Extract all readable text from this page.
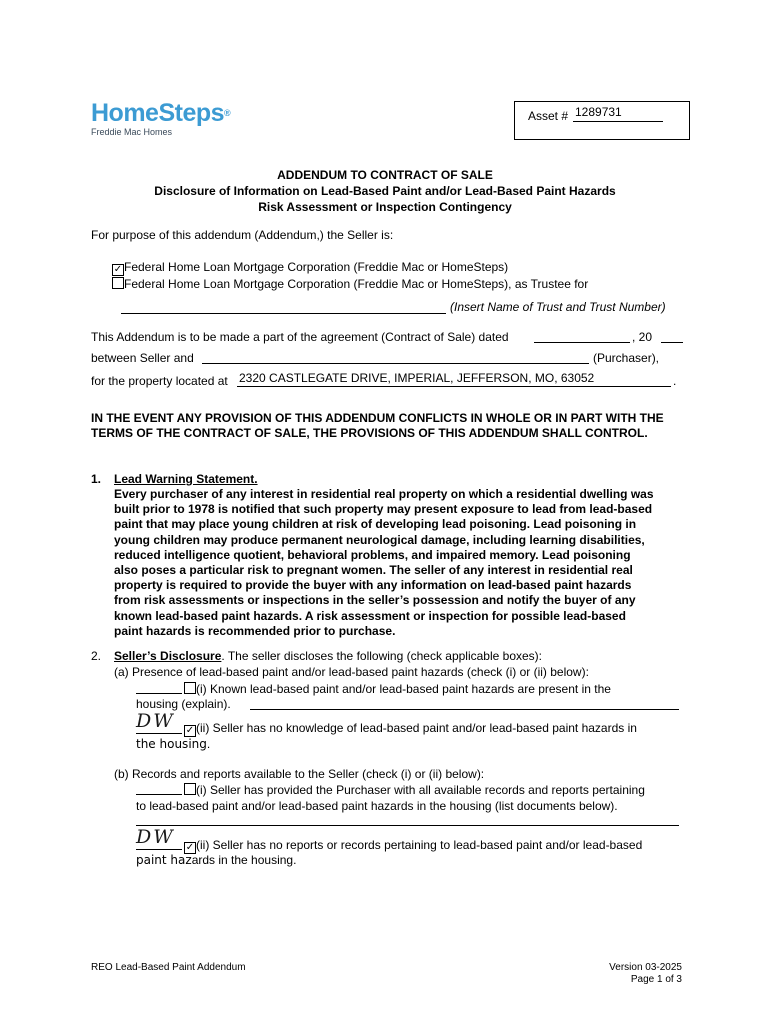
HomeSteps®
Freddie Mac Homes
Asset # 1289731
ADDENDUM TO CONTRACT OF SALE
Disclosure of Information on Lead-Based Paint and/or Lead-Based Paint Hazards
Risk Assessment or Inspection Contingency
For purpose of this addendum (Addendum,) the Seller is:
✓ Federal Home Loan Mortgage Corporation (Freddie Mac or HomeSteps)
Federal Home Loan Mortgage Corporation (Freddie Mac or HomeSteps), as Trustee for
(Insert Name of Trust and Trust Number)
This Addendum is to be made a part of the agreement (Contract of Sale) dated	, 20
between Seller and	(Purchaser),
for the property located at 2320 CASTLEGATE DRIVE, IMPERIAL, JEFFERSON, MO, 63052	.
IN THE EVENT ANY PROVISION OF THIS ADDENDUM CONFLICTS IN WHOLE OR IN PART WITH THE TERMS OF THE CONTRACT OF SALE, THE PROVISIONS OF THIS ADDENDUM SHALL CONTROL.
1. Lead Warning Statement.
Every purchaser of any interest in residential real property on which a residential dwelling was
built prior to 1978 is notified that such property may present exposure to lead from lead-based
paint that may place young children at risk of developing lead poisoning. Lead poisoning in
young children may produce permanent neurological damage, including learning disabilities,
reduced intelligence quotient, behavioral problems, and impaired memory. Lead poisoning
also poses a particular risk to pregnant women. The seller of any interest in residential real
property is required to provide the buyer with any information on lead-based paint hazards
from risk assessments or inspections in the seller’s possession and notify the buyer of any
known lead-based paint hazards. A risk assessment or inspection for possible lead-based
paint hazards is recommended prior to purchase.
2. Seller’s Disclosure. The seller discloses the following (check applicable boxes):
(a) Presence of lead-based paint and/or lead-based paint hazards (check (i) or (ii) below):
(i) Known lead-based paint and/or lead-based paint hazards are present in the
housing (explain).
DW ✓ (ii) Seller has no knowledge of lead-based paint and/or lead-based paint hazards in
the housing.
(b) Records and reports available to the Seller (check (i) or (ii) below):
(i) Seller has provided the Purchaser with all available records and reports pertaining
to lead-based paint and/or lead-based paint hazards in the housing (list documents below).
DW ✓ (ii) Seller has no reports or records pertaining to lead-based paint and/or lead-based
paint hazards in the housing.
REO Lead-Based Paint Addendum	Version 03-2025
Page 1 of 3
